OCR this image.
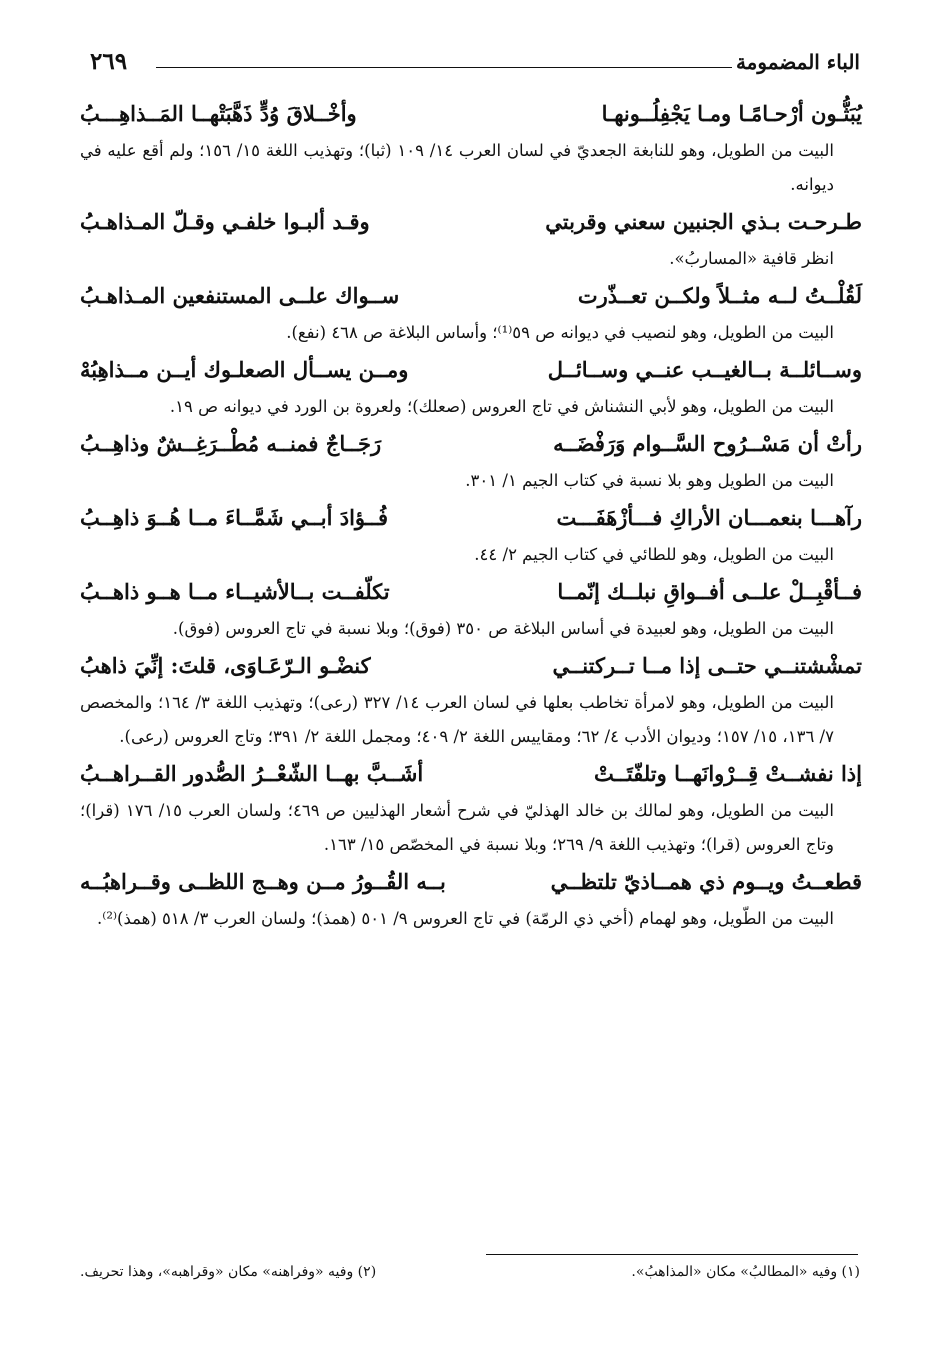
٢٦٩	الباء المضمومة
يُبَثُّـون أرْحـامًـا ومـا يَجْفِلُــونهـا
وأخْــلاقَ وُدٍّ ذَهَّبَتْهــا المَــذاهِـــبُ
البيت من الطويل، وهو للنابغة الجعديّ في لسان العرب ١٤/ ١٠٩ (ثبا)؛ وتهذيب اللغة ١٥/ ١٥٦؛ ولم أقع عليه في ديوانه.
طـرحـت بـذي الجنبين سعني وقربتي
وقـد ألبـوا خلفـي وقـلّ المـذاهـبُ
انظر قافية «المساربُ».
لَقُلْــتُ لــه مثــلاً ولكــن تعــذّرت
ســواك علــى المستنفعين المـذاهـبُ
البيت من الطويل، وهو لنصيب في ديوانه ص ٥٩⁽¹⁾؛ وأساس البلاغة ص ٤٦٨ (نفع).
وســائلــة بــالغيــب عنــي وســائــل
ومــن يســأل الصعلـوك أيــن مــذاهِبُهْ
البيت من الطويل، وهو لأبي النشناش في تاج العروس (صعلك)؛ ولعروة بن الورد في ديوانه ص ١٩.
رأتْ أن مَسْــرُوح السَّــوام وَرَفْضَــه
رَجَــاجٌ فمنــه مُطْــرَغِــشٌ وذاهِــبُ
البيت من الطويل وهو بلا نسبة في كتاب الجيم ١/ ٣٠١.
رآهـــا بنعمـــان الأراكِ فـــأزْهَفَـــت
فُــؤادَ أبــي شَمَّــاءَ مــا هُــوَ ذاهِــبُ
البيت من الطويل، وهو للطائي في كتاب الجيم ٢/ ٤٤.
فــأقْبِــلْ علــى أفــواقِ نبلــك إنّمــا
تكلّفــت بــالأشيــاء مــا هــو ذاهــبُ
البيت من الطويل، وهو لعبيدة في أساس البلاغة ص ٣٥٠ (فوق)؛ وبلا نسبة في تاج العروس (فوق).
تمشْشتنــي حتــى إذا مــا تــركتنــي
كنضْـو الـرّعَـاوَى، قلتَ: إنِّيَ ذاهبُ
البيت من الطويل، وهو لامرأة تخاطب بعلها في لسان العرب ١٤/ ٣٢٧ (رعى)؛ وتهذيب اللغة ٣/ ١٦٤؛ والمخصص ٧/ ١٣٦، ١٥/ ١٥٧؛ وديوان الأدب ٤/ ٦٢؛ ومقاييس اللغة ٢/ ٤٠٩؛ ومجمل اللغة ٢/ ٣٩١؛ وتاج العروس (رعى).
إذا نفشــتْ قِــرْوانَهــا وتلفّتَــتْ
أشَــبَّ بهــا الشّعْــرُ الصُّدور القــراهــبُ
البيت من الطويل، وهو لمالك بن خالد الهذليّ في شرح أشعار الهذليين ص ٤٦٩؛ ولسان العرب ١٥/ ١٧٦ (قرا)؛ وتاج العروس (قرا)؛ وتهذيب اللغة ٩/ ٢٦٩؛ وبلا نسبة في المخصّص ١٥/ ١٦٣.
قطعــتُ ويــوم ذي همــاذيّ تلتظــي
بــه القُــورُ مــن وهــج اللظــى وقــراهبُــه
البيت من الطّويل، وهو لهمام (أخي ذي الرمّة) في تاج العروس ٩/ ٥٠١ (همذ)؛ ولسان العرب ٣/ ٥١٨ (همذ)⁽²⁾.
(١) وفيه «المطالبُ» مكان «المذاهبُ».
(٢) وفيه «وفراهنه» مكان «وقراهبه»، وهذا تحريف.
